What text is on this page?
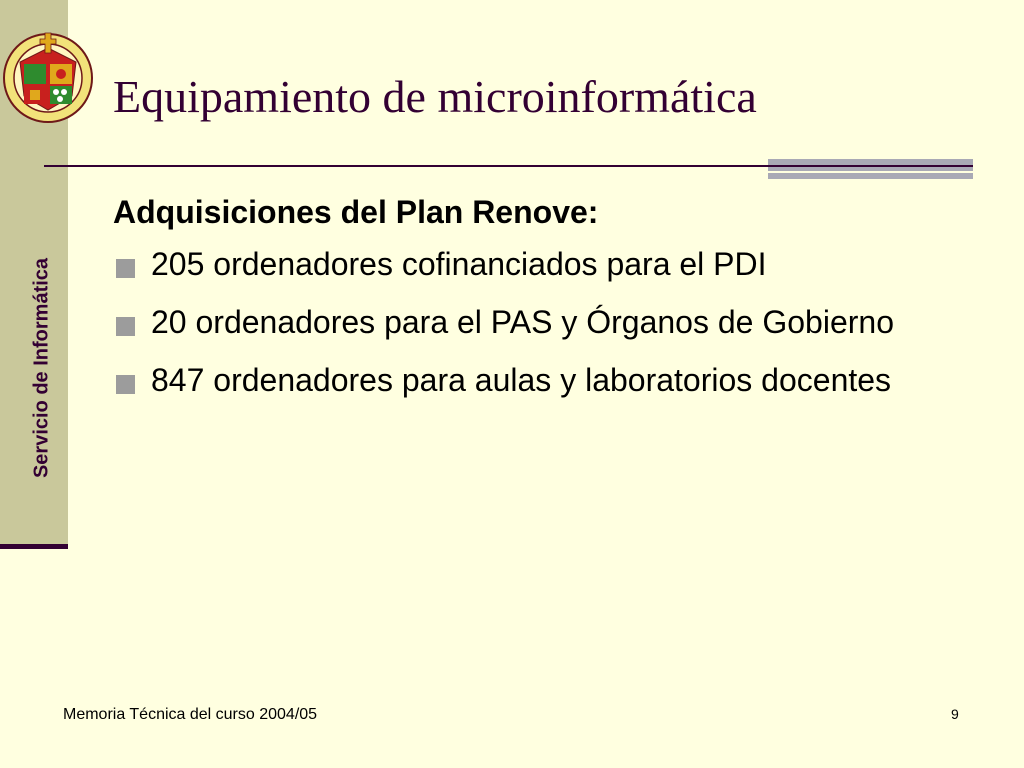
Servicio de Informática
Equipamiento de microinformática
Adquisiciones del Plan Renove:
205 ordenadores cofinanciados para el PDI
20 ordenadores para el PAS y Órganos de Gobierno
847 ordenadores para aulas y laboratorios docentes
Memoria Técnica del curso 2004/05	9
